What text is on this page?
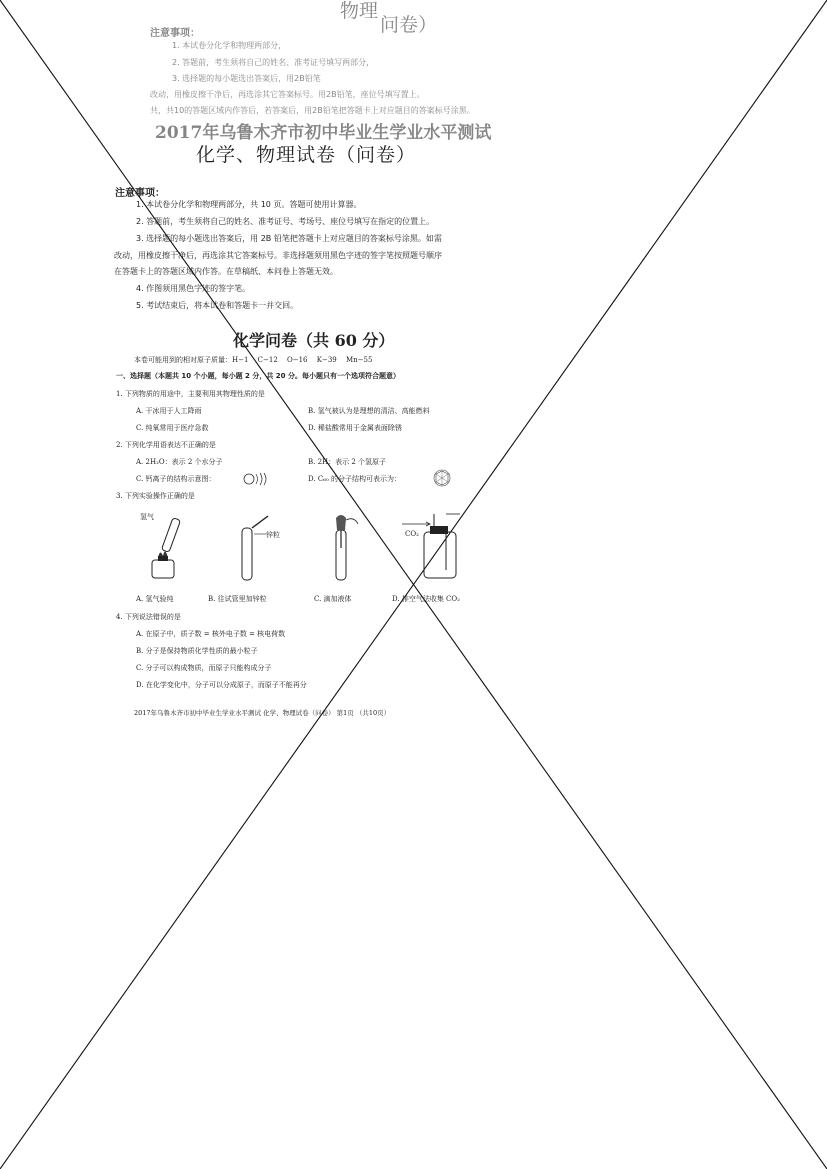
物理
问卷）
注意事项：
1. 本试卷分化学和物理两部分，
2. 答题前，考生须将自己的姓名、准考证号填写两部分，
3. 选择题的每小题选出答案后，用2B铅笔
改动，用橡皮擦干净后，再选涂其它答案标号。用2B铅笔，座位号填写置上。
共，共10的答题区域内作答后，若答案后，用2B铅笔把答题卡上对应题目的答案标号涂黑。
2017年乌鲁木齐市初中毕业生学业水平测试
化学、物理试卷（问卷）
注意事项：
1. 本试卷分化学和物理两部分，共 10 页。答题可使用计算器。
2. 答题前，考生须将自己的姓名、准考证号、考场号、座位号填写在指定的位置上。
3. 选择题的每小题选出答案后，用 2B 铅笔把答题卡上对应题目的答案标号涂黑。如需
改动，用橡皮擦干净后，再选涂其它答案标号。非选择题须用黑色字迹的签字笔按照题号顺序
在答题卡上的答题区域内作答。在草稿纸、本问卷上答题无效。
4. 作图须用黑色字迹的签字笔。
5. 考试结束后，将本试卷和答题卡一并交回。
化学问卷（共 60 分）
本卷可能用到的相对原子质量：H−1　 C−12　 O−16　 K−39　 Mn−55
一、选择题（本题共 10 个小题，每小题 2 分，共 20 分。每小题只有一个选项符合题意）
1. 下列物质的用途中，主要利用其物理性质的是
A. 干冰用于人工降雨	B. 氢气被认为是理想的清洁、高能燃料
C. 纯氧常用于医疗急救	D. 稀盐酸常用于金属表面除锈
2. 下列化学用语表达不正确的是
A. 2H₂O：表示 2 个水分子	B. 2H：表示 2 个氢原子
C. 钙离子的结构示意图：	D. C₆₀ 的分子结构可表示为：
3. 下列实验操作正确的是
氢气
锌粒	CO₂
A. 氢气验纯	B. 往试管里加锌粒	C. 滴加液体	D. 排空气法收集 CO₂
4. 下列说法错误的是
A. 在原子中，质子数 = 核外电子数 = 核电荷数
B. 分子是保持物质化学性质的最小粒子
C. 分子可以构成物质，而原子只能构成分子
D. 在化学变化中，分子可以分成原子，而原子不能再分
2017年乌鲁木齐市初中毕业生学业水平测试 化学、物理试卷（问卷） 第1页 （共10页）
